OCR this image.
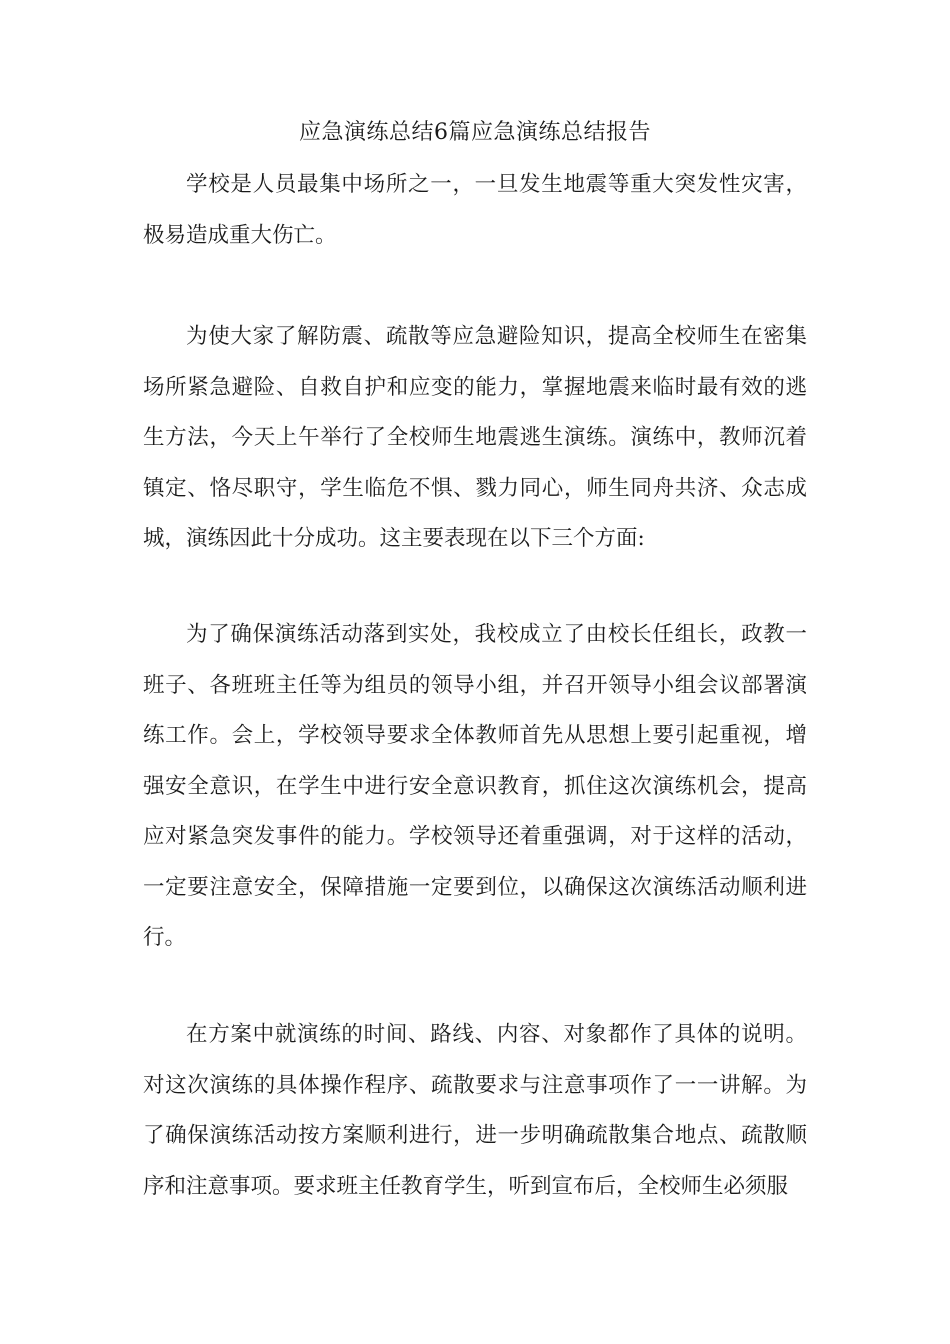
应急演练总结6篇应急演练总结报告

学校是人员最集中场所之一，一旦发生地震等重大突发性灾害，极易造成重大伤亡。

为使大家了解防震、疏散等应急避险知识，提高全校师生在密集场所紧急避险、自救自护和应变的能力，掌握地震来临时最有效的逃生方法，今天上午举行了全校师生地震逃生演练。演练中，教师沉着镇定、恪尽职守，学生临危不惧、戮力同心，师生同舟共济、众志成城，演练因此十分成功。这主要表现在以下三个方面:

为了确保演练活动落到实处，我校成立了由校长任组长，政教一班子、各班班主任等为组员的领导小组，并召开领导小组会议部署演练工作。会上，学校领导要求全体教师首先从思想上要引起重视，增强安全意识，在学生中进行安全意识教育，抓住这次演练机会，提高应对紧急突发事件的能力。学校领导还着重强调，对于这样的活动，一定要注意安全，保障措施一定要到位，以确保这次演练活动顺利进行。

在方案中就演练的时间、路线、内容、对象都作了具体的说明。对这次演练的具体操作程序、疏散要求与注意事项作了一一讲解。为了确保演练活动按方案顺利进行，进一步明确疏散集合地点、疏散顺序和注意事项。要求班主任教育学生，听到宣布后，全校师生必须服
